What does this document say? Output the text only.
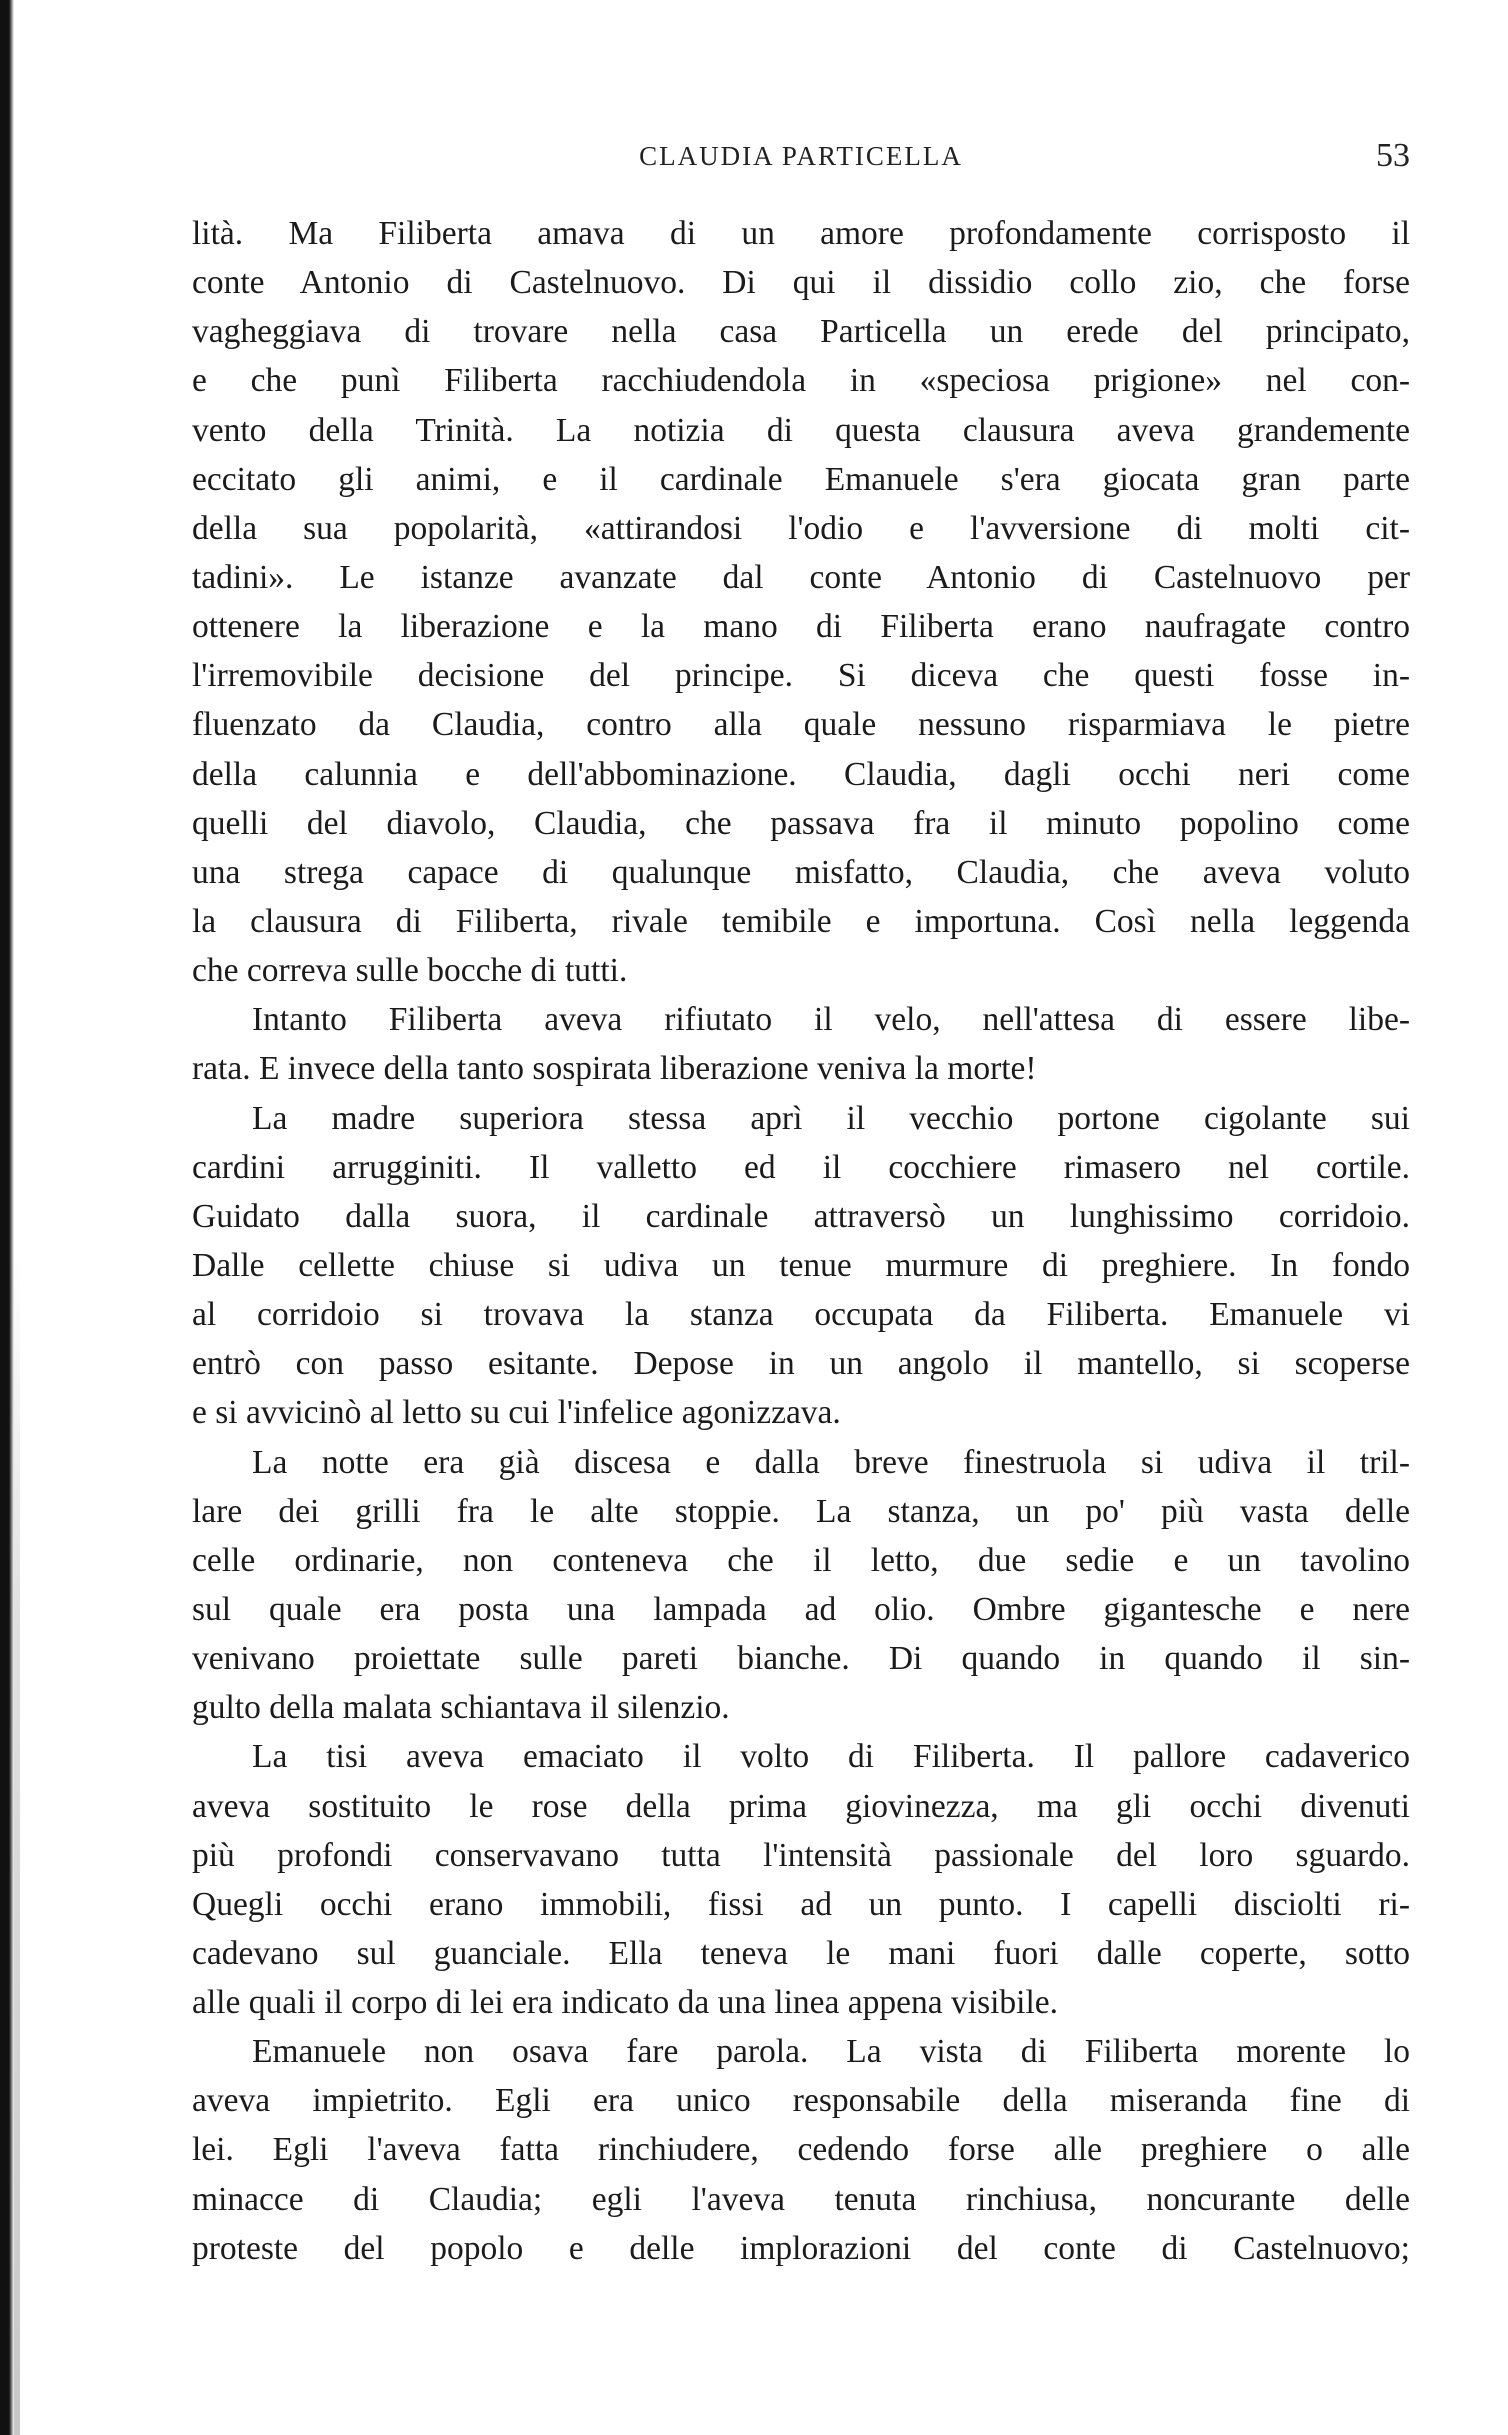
CLAUDIA PARTICELLA	53
lità. Ma Filiberta amava di un amore profondamente corrisposto il
conte Antonio di Castelnuovo. Di qui il dissidio collo zio, che forse
vagheggiava di trovare nella casa Particella un erede del principato,
e che punì Filiberta racchiudendola in «speciosa prigione» nel con-
vento della Trinità. La notizia di questa clausura aveva grandemente
eccitato gli animi, e il cardinale Emanuele s'era giocata gran parte
della sua popolarità, «attirandosi l'odio e l'avversione di molti cit-
tadini». Le istanze avanzate dal conte Antonio di Castelnuovo per
ottenere la liberazione e la mano di Filiberta erano naufragate contro
l'irremovibile decisione del principe. Si diceva che questi fosse in-
fluenzato da Claudia, contro alla quale nessuno risparmiava le pietre
della calunnia e dell'abbominazione. Claudia, dagli occhi neri come
quelli del diavolo, Claudia, che passava fra il minuto popolino come
una strega capace di qualunque misfatto, Claudia, che aveva voluto
la clausura di Filiberta, rivale temibile e importuna. Così nella leggenda
che correva sulle bocche di tutti.
Intanto Filiberta aveva rifiutato il velo, nell'attesa di essere libe-
rata. E invece della tanto sospirata liberazione veniva la morte!
La madre superiora stessa aprì il vecchio portone cigolante sui
cardini arrugginiti. Il valletto ed il cocchiere rimasero nel cortile.
Guidato dalla suora, il cardinale attraversò un lunghissimo corridoio.
Dalle cellette chiuse si udiva un tenue murmure di preghiere. In fondo
al corridoio si trovava la stanza occupata da Filiberta. Emanuele vi
entrò con passo esitante. Depose in un angolo il mantello, si scoperse
e si avvicinò al letto su cui l'infelice agonizzava.
La notte era già discesa e dalla breve finestruola si udiva il tril-
lare dei grilli fra le alte stoppie. La stanza, un po' più vasta delle
celle ordinarie, non conteneva che il letto, due sedie e un tavolino
sul quale era posta una lampada ad olio. Ombre gigantesche e nere
venivano proiettate sulle pareti bianche. Di quando in quando il sin-
gulto della malata schiantava il silenzio.
La tisi aveva emaciato il volto di Filiberta. Il pallore cadaverico
aveva sostituito le rose della prima giovinezza, ma gli occhi divenuti
più profondi conservavano tutta l'intensità passionale del loro sguardo.
Quegli occhi erano immobili, fissi ad un punto. I capelli disciolti ri-
cadevano sul guanciale. Ella teneva le mani fuori dalle coperte, sotto
alle quali il corpo di lei era indicato da una linea appena visibile.
Emanuele non osava fare parola. La vista di Filiberta morente lo
aveva impietrito. Egli era unico responsabile della miseranda fine di
lei. Egli l'aveva fatta rinchiudere, cedendo forse alle preghiere o alle
minacce di Claudia; egli l'aveva tenuta rinchiusa, noncurante delle
proteste del popolo e delle implorazioni del conte di Castelnuovo;
